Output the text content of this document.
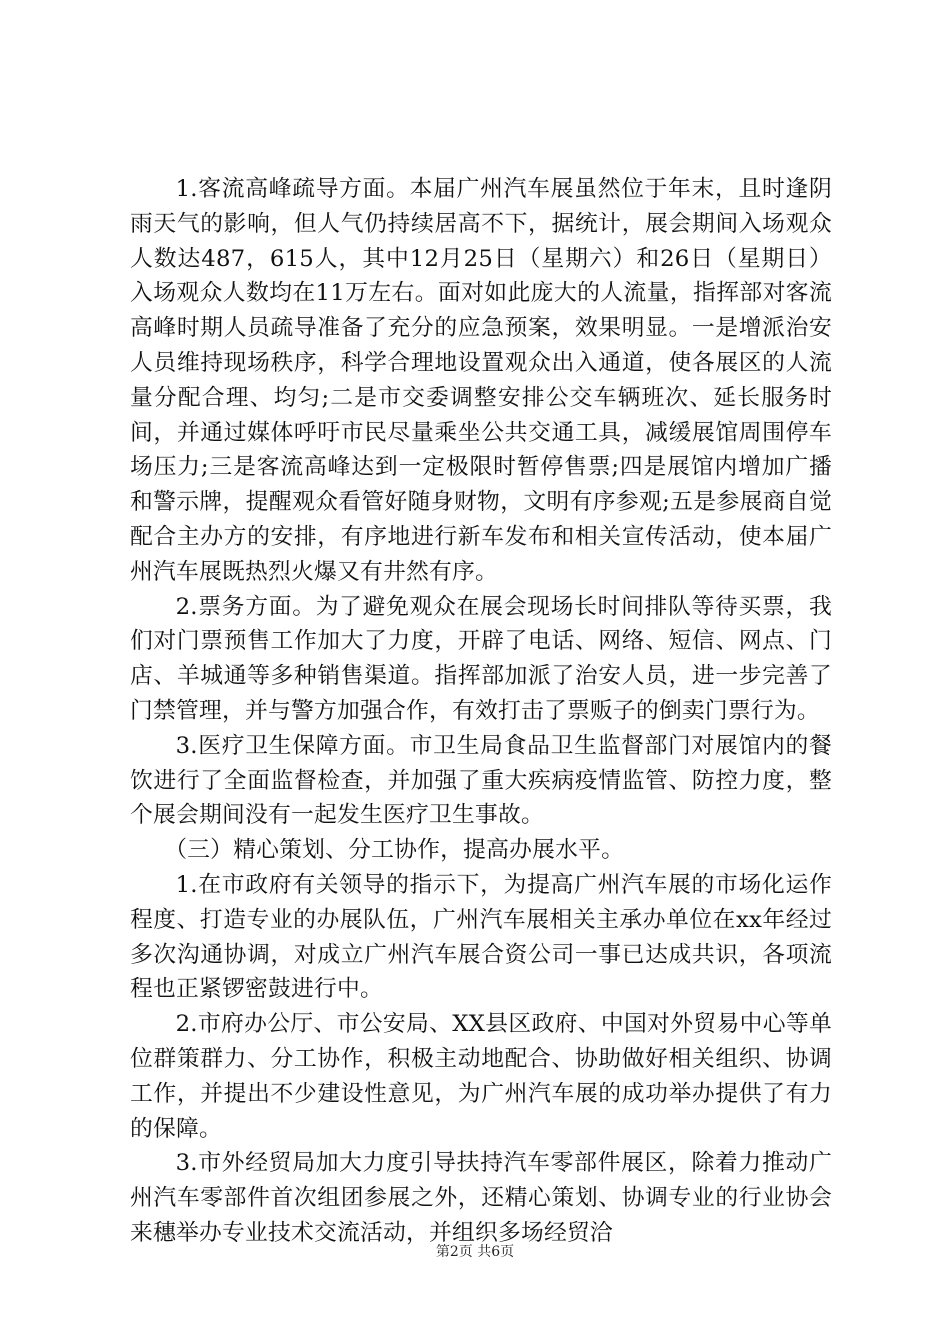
1.客流高峰疏导方面。本届广州汽车展虽然位于年末，且时逢阴雨天气的影响，但人气仍持续居高不下，据统计，展会期间入场观众人数达487，615人，其中12月25日（星期六）和26日（星期日）入场观众人数均在11万左右。面对如此庞大的人流量，指挥部对客流高峰时期人员疏导准备了充分的应急预案，效果明显。一是增派治安人员维持现场秩序，科学合理地设置观众出入通道，使各展区的人流量分配合理、均匀;二是市交委调整安排公交车辆班次、延长服务时间，并通过媒体呼吁市民尽量乘坐公共交通工具，减缓展馆周围停车场压力;三是客流高峰达到一定极限时暂停售票;四是展馆内增加广播和警示牌，提醒观众看管好随身财物，文明有序参观;五是参展商自觉配合主办方的安排，有序地进行新车发布和相关宣传活动，使本届广州汽车展既热烈火爆又有井然有序。

2.票务方面。为了避免观众在展会现场长时间排队等待买票，我们对门票预售工作加大了力度，开辟了电话、网络、短信、网点、门店、羊城通等多种销售渠道。指挥部加派了治安人员，进一步完善了门禁管理，并与警方加强合作，有效打击了票贩子的倒卖门票行为。

3.医疗卫生保障方面。市卫生局食品卫生监督部门对展馆内的餐饮进行了全面监督检查，并加强了重大疾病疫情监管、防控力度，整个展会期间没有一起发生医疗卫生事故。

（三）精心策划、分工协作，提高办展水平。

1.在市政府有关领导的指示下，为提高广州汽车展的市场化运作程度、打造专业的办展队伍，广州汽车展相关主承办单位在xx年经过多次沟通协调，对成立广州汽车展合资公司一事已达成共识，各项流程也正紧锣密鼓进行中。

2.市府办公厅、市公安局、XX县区政府、中国对外贸易中心等单位群策群力、分工协作，积极主动地配合、协助做好相关组织、协调工作，并提出不少建设性意见，为广州汽车展的成功举办提供了有力的保障。

3.市外经贸局加大力度引导扶持汽车零部件展区，除着力推动广州汽车零部件首次组团参展之外，还精心策划、协调专业的行业协会来穗举办专业技术交流活动，并组织多场经贸洽

第2页 共6页
